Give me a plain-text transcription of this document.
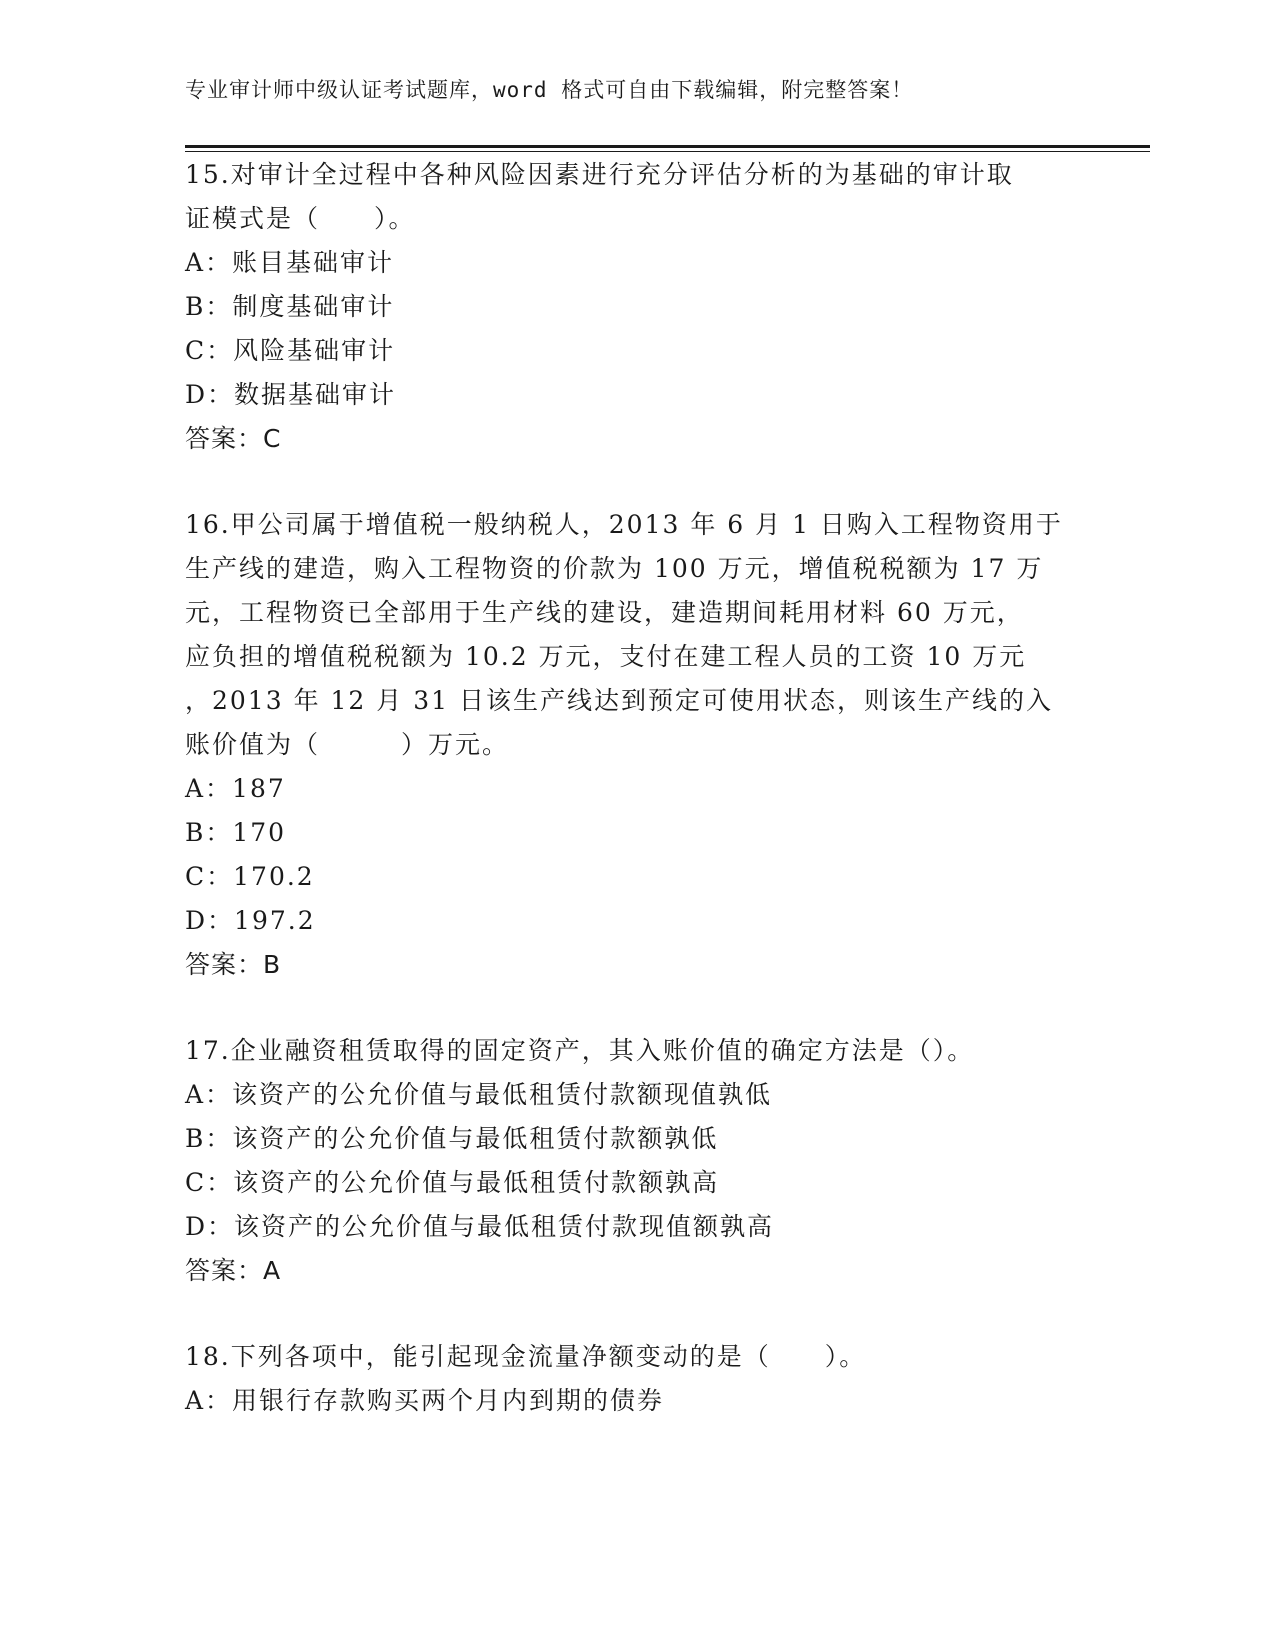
专业审计师中级认证考试题库，word 格式可自由下载编辑，附完整答案！
15.对审计全过程中各种风险因素进行充分评估分析的为基础的审计取
证模式是（　　）。
A：账目基础审计
B：制度基础审计
C：风险基础审计
D：数据基础审计
答案：C
16.甲公司属于增值税一般纳税人，2013 年 6 月 1 日购入工程物资用于
生产线的建造，购入工程物资的价款为 100 万元，增值税税额为 17 万
元，工程物资已全部用于生产线的建设，建造期间耗用材料 60 万元，
应负担的增值税税额为 10.2 万元，支付在建工程人员的工资 10 万元
，2013 年 12 月 31 日该生产线达到预定可使用状态，则该生产线的入
账价值为（　　　）万元。
A：187
B：170
C：170.2
D：197.2
答案：B
17.企业融资租赁取得的固定资产，其入账价值的确定方法是（）。
A：该资产的公允价值与最低租赁付款额现值孰低
B：该资产的公允价值与最低租赁付款额孰低
C：该资产的公允价值与最低租赁付款额孰高
D：该资产的公允价值与最低租赁付款现值额孰高
答案：A
18.下列各项中，能引起现金流量净额变动的是（　　）。
A：用银行存款购买两个月内到期的债券
